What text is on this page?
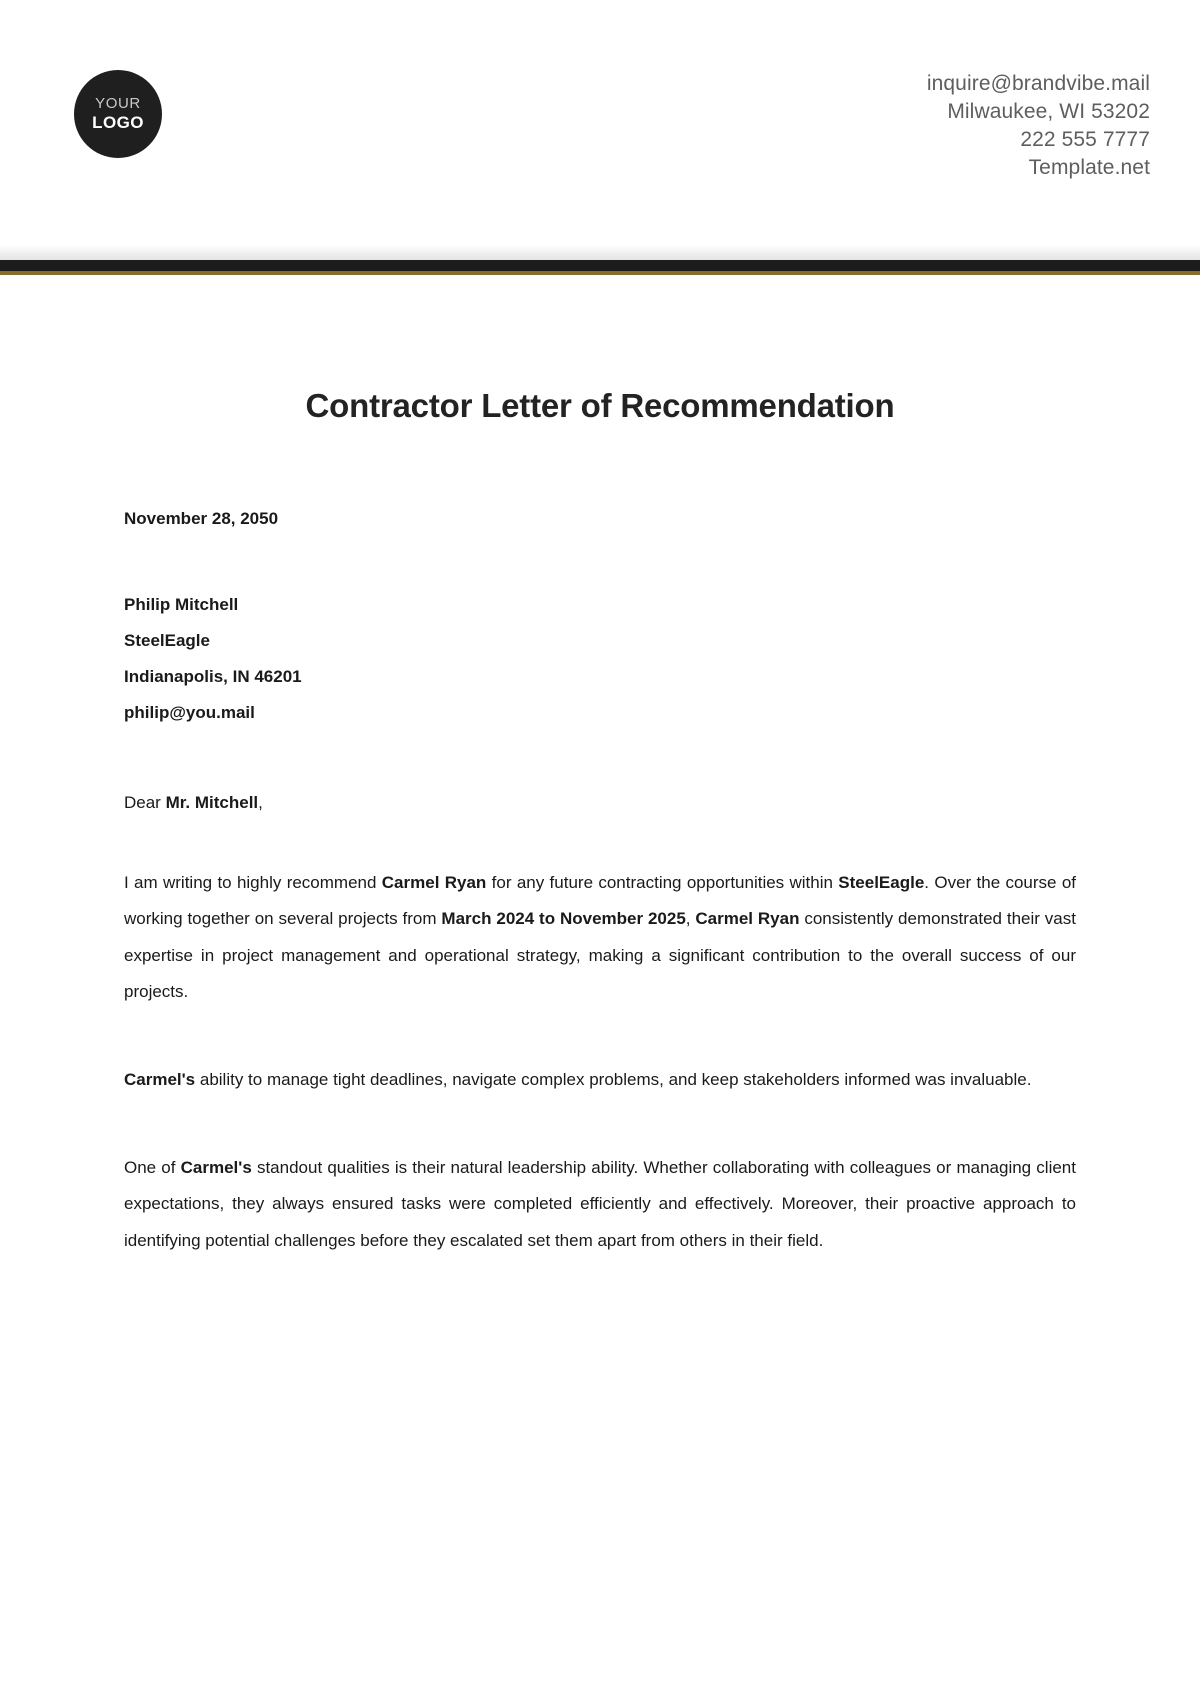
YOUR
LOGO
inquire@brandvibe.mail
Milwaukee, WI 53202
222 555 7777
Template.net
Contractor Letter of Recommendation
November 28, 2050
Philip Mitchell
SteelEagle
Indianapolis, IN 46201
philip@you.mail
Dear Mr. Mitchell,
I am writing to highly recommend Carmel Ryan for any future contracting opportunities within SteelEagle. Over the course of working together on several projects from March 2024 to November 2025, Carmel Ryan consistently demonstrated their vast expertise in project management and operational strategy, making a significant contribution to the overall success of our projects.
Carmel's ability to manage tight deadlines, navigate complex problems, and keep stakeholders informed was invaluable.
One of Carmel's standout qualities is their natural leadership ability. Whether collaborating with colleagues or managing client expectations, they always ensured tasks were completed efficiently and effectively. Moreover, their proactive approach to identifying potential challenges before they escalated set them apart from others in their field.
